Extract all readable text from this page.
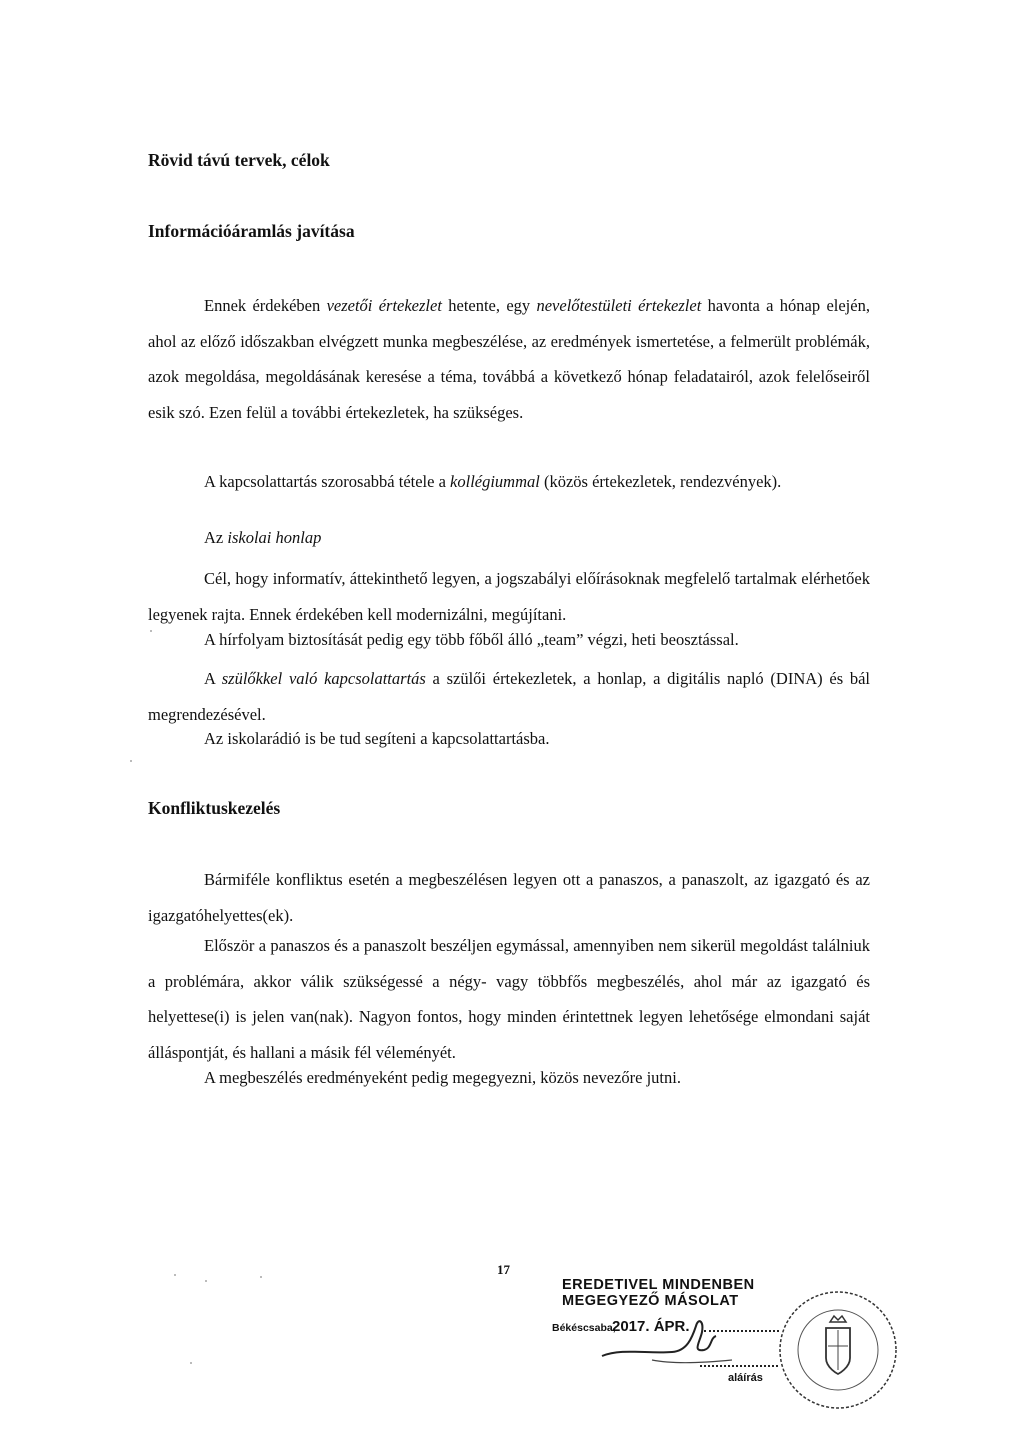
Rövid távú tervek, célok
Információáramlás javítása

Ennek érdekében vezetői értekezlet hetente, egy nevelőtestületi értekezlet havonta a hónap elején, ahol az előző időszakban elvégzett munka megbeszélése, az eredmények ismertetése, a felmerült problémák, azok megoldása, megoldásának keresése a téma, továbbá a következő hónap feladatairól, azok felelőseiről esik szó. Ezen felül a további értekezletek, ha szükséges.

A kapcsolattartás szorosabbá tétele a kollégiummal (közös értekezletek, rendezvények).

Az iskolai honlap

Cél, hogy informatív, áttekinthető legyen, a jogszabályi előírásoknak megfelelő tartalmak elérhetőek legyenek rajta. Ennek érdekében kell modernizálni, megújítani.

A hírfolyam biztosítását pedig egy több főből álló „team” végzi, heti beosztással.

A szülőkkel való kapcsolattartás a szülői értekezletek, a honlap, a digitális napló (DINA) és bál megrendezésével.

Az iskolarádió is be tud segíteni a kapcsolattartásba.

Konfliktuskezelés

Bármiféle konfliktus esetén a megbeszélésen legyen ott a panaszos, a panaszolt, az igazgató és az igazgatóhelyettes(ek).

Először a panaszos és a panaszolt beszéljen egymással, amennyiben nem sikerül megoldást találniuk a problémára, akkor válik szükségessé a négy- vagy többfős megbeszélés, ahol már az igazgató és helyettese(i) is jelen van(nak). Nagyon fontos, hogy minden érintettnek legyen lehetősége elmondani saját álláspontját, és hallani a másik fél véleményét.

A megbeszélés eredményeként pedig megegyezni, közös nevezőre jutni.

17
EREDETIVEL MINDENBEN
MEGEGYEZŐ MÁSOLAT
Békéscsaba,
2017. ÁPR.
aláírás
